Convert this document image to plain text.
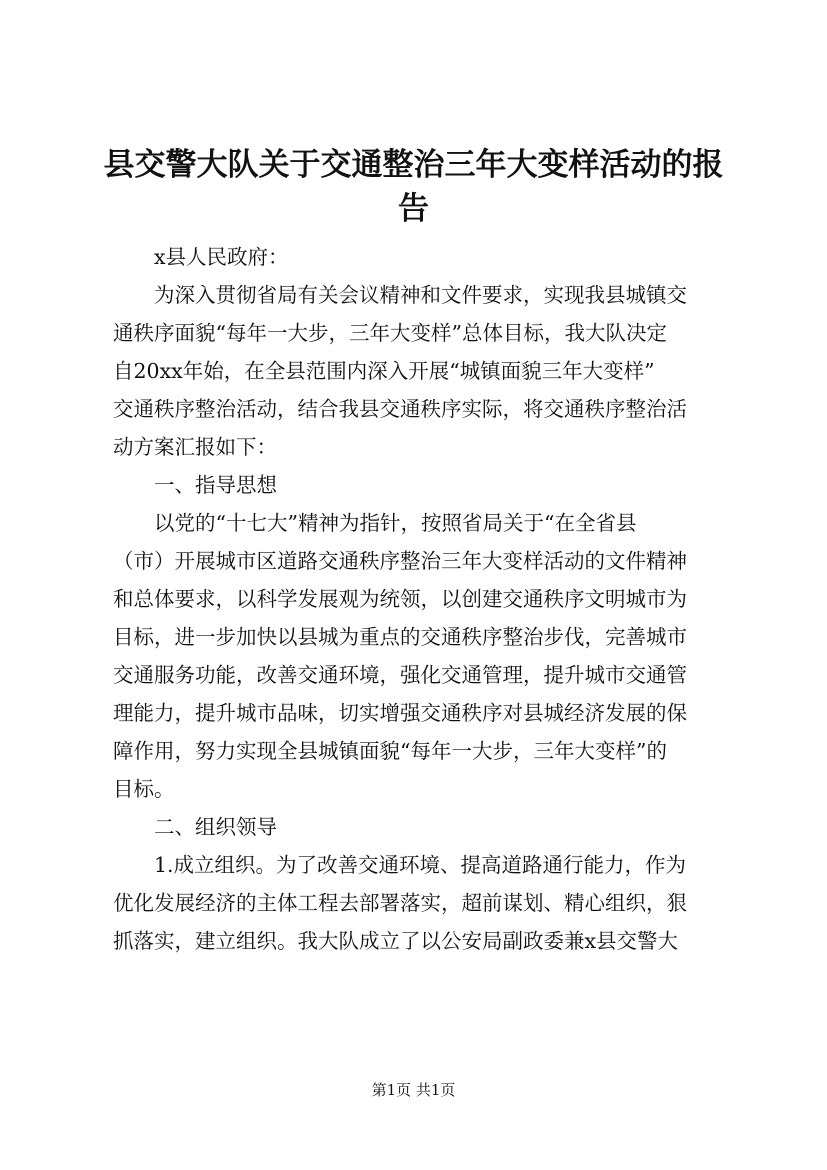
县交警大队关于交通整治三年大变样活动的报告
x县人民政府：
为深入贯彻省局有关会议精神和文件要求，实现我县城镇交
通秩序面貌“每年一大步，三年大变样”总体目标，我大队决定
自20xx年始，在全县范围内深入开展“城镇面貌三年大变样”
交通秩序整治活动，结合我县交通秩序实际，将交通秩序整治活
动方案汇报如下：
一、指导思想
以党的“十七大”精神为指针，按照省局关于“在全省县
（市）开展城市区道路交通秩序整治三年大变样活动的文件精神
和总体要求，以科学发展观为统领，以创建交通秩序文明城市为
目标，进一步加快以县城为重点的交通秩序整治步伐，完善城市
交通服务功能，改善交通环境，强化交通管理，提升城市交通管
理能力，提升城市品味，切实增强交通秩序对县城经济发展的保
障作用，努力实现全县城镇面貌“每年一大步，三年大变样”的
目标。
二、组织领导
1.成立组织。为了改善交通环境、提高道路通行能力，作为
优化发展经济的主体工程去部署落实，超前谋划、精心组织，狠
抓落实，建立组织。我大队成立了以公安局副政委兼x县交警大
第1页 共1页
